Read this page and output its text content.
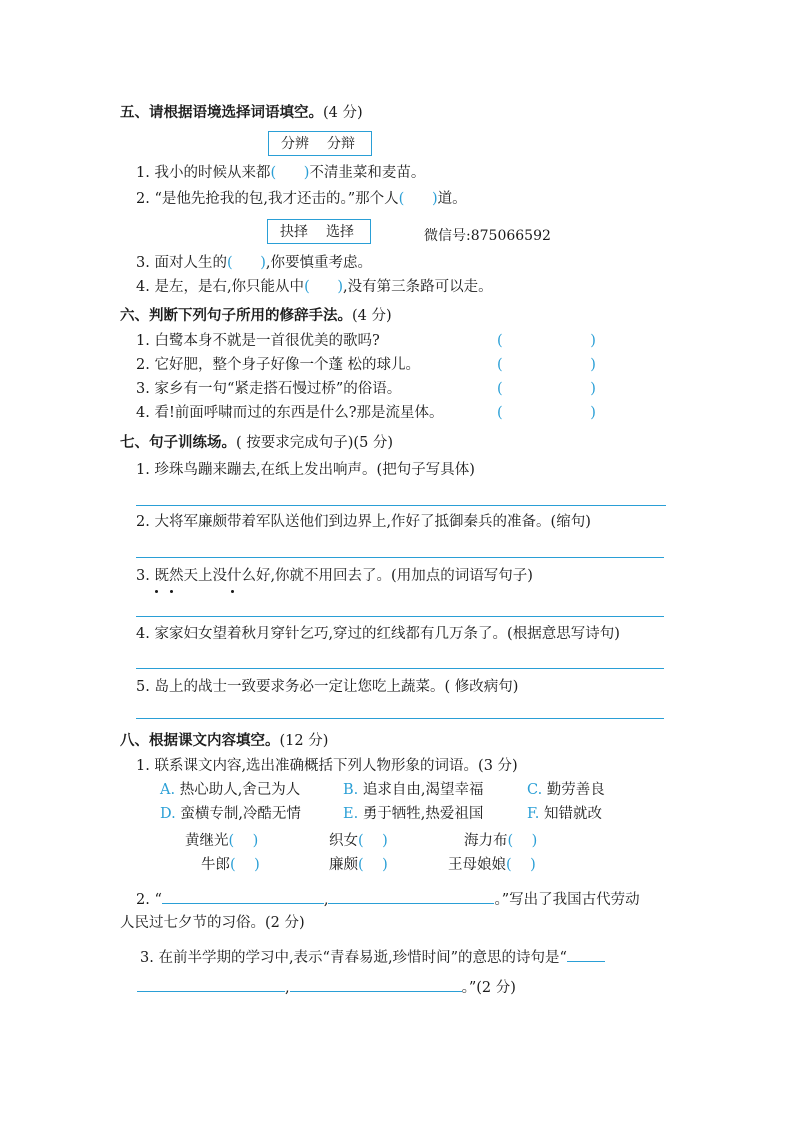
五、请根据语境选择词语填空。(4 分)
分辨 分辩
1. 我小的时候从来都(      )不清韭菜和麦苗。
2. “是他先抢我的包,我才还击的。”那个人(      )道。
抉择 选择	微信号:875066592
3. 面对人生的(      ),你要慎重考虑。
4. 是左，是右,你只能从中(      ),没有第三条路可以走。
六、判断下列句子所用的修辞手法。(4 分)
1. 白鹭本身不就是一首很优美的歌吗?	(                   )
2. 它好肥，整个身子好像一个蓬 松的球儿。	(                   )
3. 家乡有一句“紧走搭石慢过桥”的俗语。	(                   )
4. 看!前面呼啸而过的东西是什么?那是流星体。	(                   )
七、句子训练场。( 按要求完成句子)(5 分)
1. 珍珠鸟蹦来蹦去,在纸上发出响声。(把句子写具体)
2. 大将军廉颇带着军队送他们到边界上,作好了抵御秦兵的准备。(缩句)
3. 既然天上没什么好,你就不用回去了。(用加点的词语写句子)
4. 家家妇女望着秋月穿针乞巧,穿过的红线都有几万条了。(根据意思写诗句)
5. 岛上的战士一致要求务必一定让您吃上蔬菜。( 修改病句)
八、根据课文内容填空。(12 分)
1. 联系课文内容,选出准确概括下列人物形象的词语。(3 分)
A. 热心助人,舍己为人	B. 追求自由,渴望幸福	C. 勤劳善良
D. 蛮横专制,冷酷无情	E. 勇于牺牲,热爱祖国	F. 知错就改
黄继光(    )	织女(    )	海力布(    )
牛郎(    )	廉颇(    )	王母娘娘(    )
2. “	,	。”写出了我国古代劳动
人民过七夕节的习俗。(2 分)
3. 在前半学期的学习中,表示“青春易逝,珍惜时间”的意思的诗句是“
,	。”(2 分)
